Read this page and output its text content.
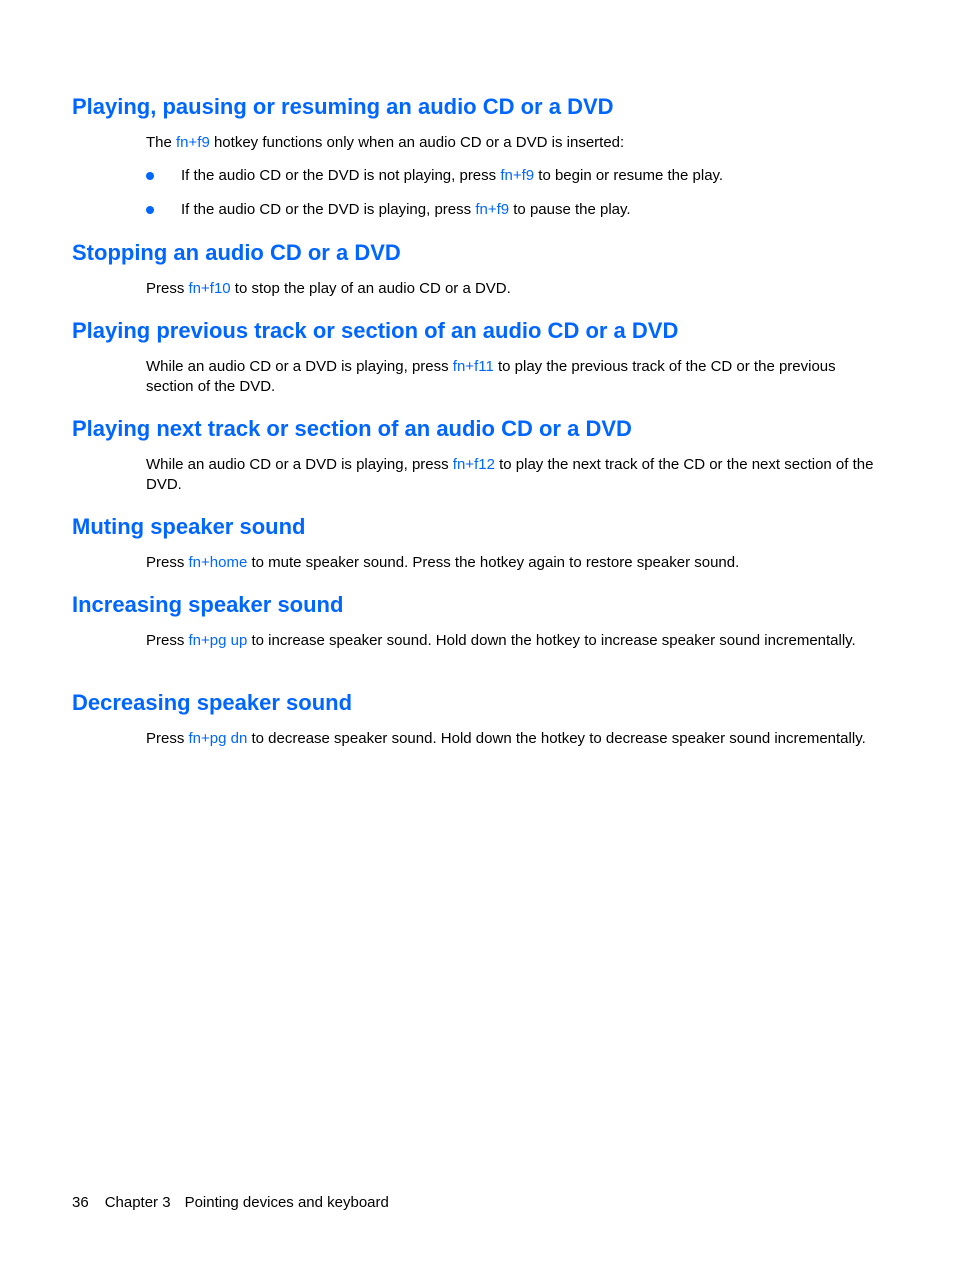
Playing, pausing or resuming an audio CD or a DVD

The fn+f9 hotkey functions only when an audio CD or a DVD is inserted:

If the audio CD or the DVD is not playing, press fn+f9 to begin or resume the play.

If the audio CD or the DVD is playing, press fn+f9 to pause the play.

Stopping an audio CD or a DVD

Press fn+f10 to stop the play of an audio CD or a DVD.

Playing previous track or section of an audio CD or a DVD

While an audio CD or a DVD is playing, press fn+f11 to play the previous track of the CD or the previous section of the DVD.

Playing next track or section of an audio CD or a DVD

While an audio CD or a DVD is playing, press fn+f12 to play the next track of the CD or the next section of the DVD.

Muting speaker sound

Press fn+home to mute speaker sound. Press the hotkey again to restore speaker sound.

Increasing speaker sound

Press fn+pg up to increase speaker sound. Hold down the hotkey to increase speaker sound incrementally.

Decreasing speaker sound

Press fn+pg dn to decrease speaker sound. Hold down the hotkey to decrease speaker sound incrementally.

36 Chapter 3 Pointing devices and keyboard
